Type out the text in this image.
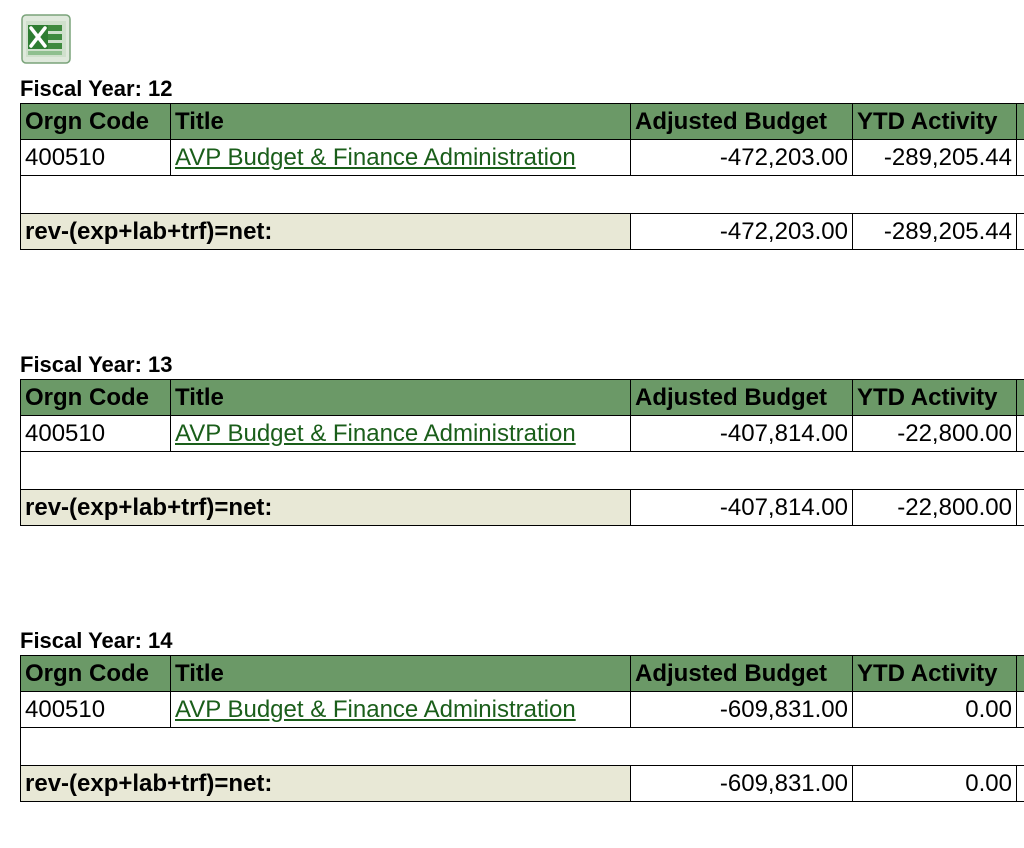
Fiscal Year: 12
Orgn Code	Title	Adjusted Budget	YTD Activity	
400510	AVP Budget & Finance Administration	-472,203.00	-289,205.44	

rev-(exp+lab+trf)=net:		-472,203.00	-289,205.44	
Fiscal Year: 13
Orgn Code	Title	Adjusted Budget	YTD Activity	
400510	AVP Budget & Finance Administration	-407,814.00	-22,800.00	

rev-(exp+lab+trf)=net:		-407,814.00	-22,800.00	
Fiscal Year: 14
Orgn Code	Title	Adjusted Budget	YTD Activity	
400510	AVP Budget & Finance Administration	-609,831.00	0.00	

rev-(exp+lab+trf)=net:		-609,831.00	0.00	
